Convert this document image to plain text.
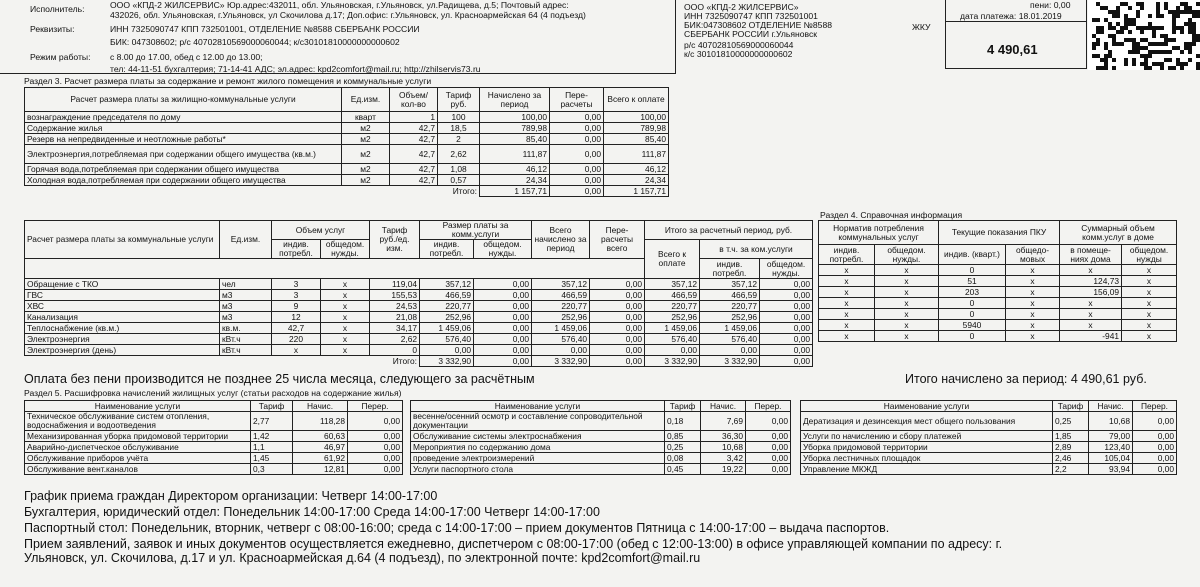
Исполнитель:	ООО «КПД-2 ЖИЛСЕРВИС» Юр.адрес:432011, обл. Ульяновская, г.Ульяновск, ул.Радищева, д.5; Почтовый адрес:
432026, обл. Ульяновская, г.Ульяновск, ул Скочилова д.17; Доп.офис: г.Ульяновск, ул. Красноармейская 64 (4 подъезд)
Реквизиты:	ИНН 7325090747 КПП 732501001, ОТДЕЛЕНИЕ №8588 СБЕРБАНК РОССИИ
БИК: 047308602; р/с 40702810569000060044; к/с30101810000000000602
Режим работы: с 8.00 до 17.00, обед с 12.00 до 13.00;
тел: 44-11-51 бухгалтерия; 71-14-41 АДС; эл.адрес: kpd2comfort@mail.ru; http://zhilservis73.ru
ООО «КПД-2 ЖИЛСЕРВИС»
ИНН 7325090747 КПП 732501001
БИК:047308602 ОТДЕЛЕНИЕ №8588
СБЕРБАНК РОССИИ г.Ульяновск
р/с 40702810569000060044
к/с 30101810000000000602
ЖКУ
пени: 0,00
дата платежа: 18.01.2019
4 490,61
Раздел 3. Расчет размера платы за содержание и ремонт жилого помещения и коммунальные услуги
Расчет размера платы за жилищно-коммунальные услуги	Ед.изм.	Объем/ кол-во	Тариф руб.	Начислено за период	Пере- расчеты	Всего к оплате
вознаграждение председателя по дому	кварт	1	100	100,00	0,00	100,00
Содержание жилья	м2	42,7	18,5	789,98	0,00	789,98
Резерв на непредвиденные и неотложные работы*	м2	42,7	2	85,40	0,00	85,40
Электроэнергия,потребляемая при содержании общего имущества (кв.м.)	м2	42,7	2,62	111,87	0,00	111,87
Горячая вода,потребляемая при содержании общего имущества	м2	42,7	1,08	46,12	0,00	46,12
Холодная вода,потребляемая при содержании общего имущества	м2	42,7	0,57	24,34	0,00	24,34
Итого:				1 157,71	0,00	1 157,71
Расчет размера платы за коммунальные услуги	Ед.изм.	Объем услуг		Тариф руб./ед. изм.	Размер платы за комм.услуги		Всего начислено за период	Пере- расчеты всего	Итого за расчетный период, руб.		
		индив. потребл.	общедом. нужды.		индив. потребл.	общедом. нужды.			Всего к оплате	в т.ч. за ком.услуги	
										индив. потребл.	общедом. нужды.
Обращение с ТКО	чел	3	x	119,04	357,12	0,00	357,12	0,00	357,12	357,12	0,00
ГВС	м3	3	x	155,53	466,59	0,00	466,59	0,00	466,59	466,59	0,00
ХВС	м3	9	x	24,53	220,77	0,00	220,77	0,00	220,77	220,77	0,00
Канализация	м3	12	x	21,08	252,96	0,00	252,96	0,00	252,96	252,96	0,00
Теплоснабжение (кв.м.)	кв.м.	42,7	x	34,17	1 459,06	0,00	1 459,06	0,00	1 459,06	1 459,06	0,00
Электроэнергия	кВт.ч	220	x	2,62	576,40	0,00	576,40	0,00	576,40	576,40	0,00
Электроэнергия (день)	кВт.ч	x	x	0	0,00	0,00	0,00	0,00	0,00	0,00	0,00
Итого:					3 332,90	0,00	3 332,90	0,00	3 332,90	3 332,90	0,00
Раздел 4. Справочная информация
Норматив потребления коммунальных услуг		Текущие показания ПКУ		Суммарный объем комм.услуг в доме	
индив. потребл.	общедом. нужды.	индив. (кварт.)	общедо- мовых	в помеще- ниях дома	общедом. нужды
x	x	0	x	x	x
x	x	51	x	124,73	x
x	x	203	x	156,09	x
x	x	0	x	x	x
x	x	0	x	x	x
x	x	5940	x	x	x
x	x	0	x	-941	x
Оплата без пени производится не позднее 25 числа месяца, следующего за расчётным	Итого начислено за период: 4 490,61 руб.
Раздел 5. Расшифровка начислений жилищных услуг (статьи расходов на содержание жилья)
Наименование услуги	Тариф	Начис.	Перер.
Техническое обслуживание систем отопления, водоснабжения и водоотведения	2,77	118,28	0,00
Механизированная уборка придомовой территории	1,42	60,63	0,00
Аварийно-диспетческое обслуживание	1,1	46,97	0,00
Обслуживание приборов учёта	1,45	61,92	0,00
Обслуживание вент.каналов	0,3	12,81	0,00
Наименование услуги	Тариф	Начис.	Перер.
весенне/осенний осмотр и составление сопроводительной документации	0,18	7,69	0,00
Обслуживание системы электроснабжения	0,85	36,30	0,00
Мероприятия по содержанию дома	0,25	10,68	0,00
проведение электроизмерений	0,08	3,42	0,00
Услуги паспортного стола	0,45	19,22	0,00
Наименование услуги	Тариф	Начис.	Перер.
Дератизация и дезинсекция мест общего пользования	0,25	10,68	0,00
Услуги по начислению и сбору платежей	1,85	79,00	0,00
Уборка придомовой территории	2,89	123,40	0,00
Уборка лестничных площадок	2,46	105,04	0,00
Управление МКЖД	2,2	93,94	0,00
График приема граждан Директором организации: Четверг 14:00-17:00
Бухгалтерия, юридический отдел: Понедельник 14:00-17:00 Среда 14:00-17:00 Четверг 14:00-17:00
Паспортный стол: Понедельник, вторник, четверг с 08:00-16:00; среда с 14:00-17:00 – прием документов Пятница с 14:00-17:00 – выдача паспортов.
Прием заявлений, заявок и иных документов осуществляется ежедневно, диспетчером с 08:00-17:00 (обед с 12:00-13:00) в офисе управляющей компании по адресу: г.
Ульяновск, ул. Скочилова, д.17 и ул. Красноармейская д.64 (4 подъезд), по электронной почте: kpd2comfort@mail.ru
